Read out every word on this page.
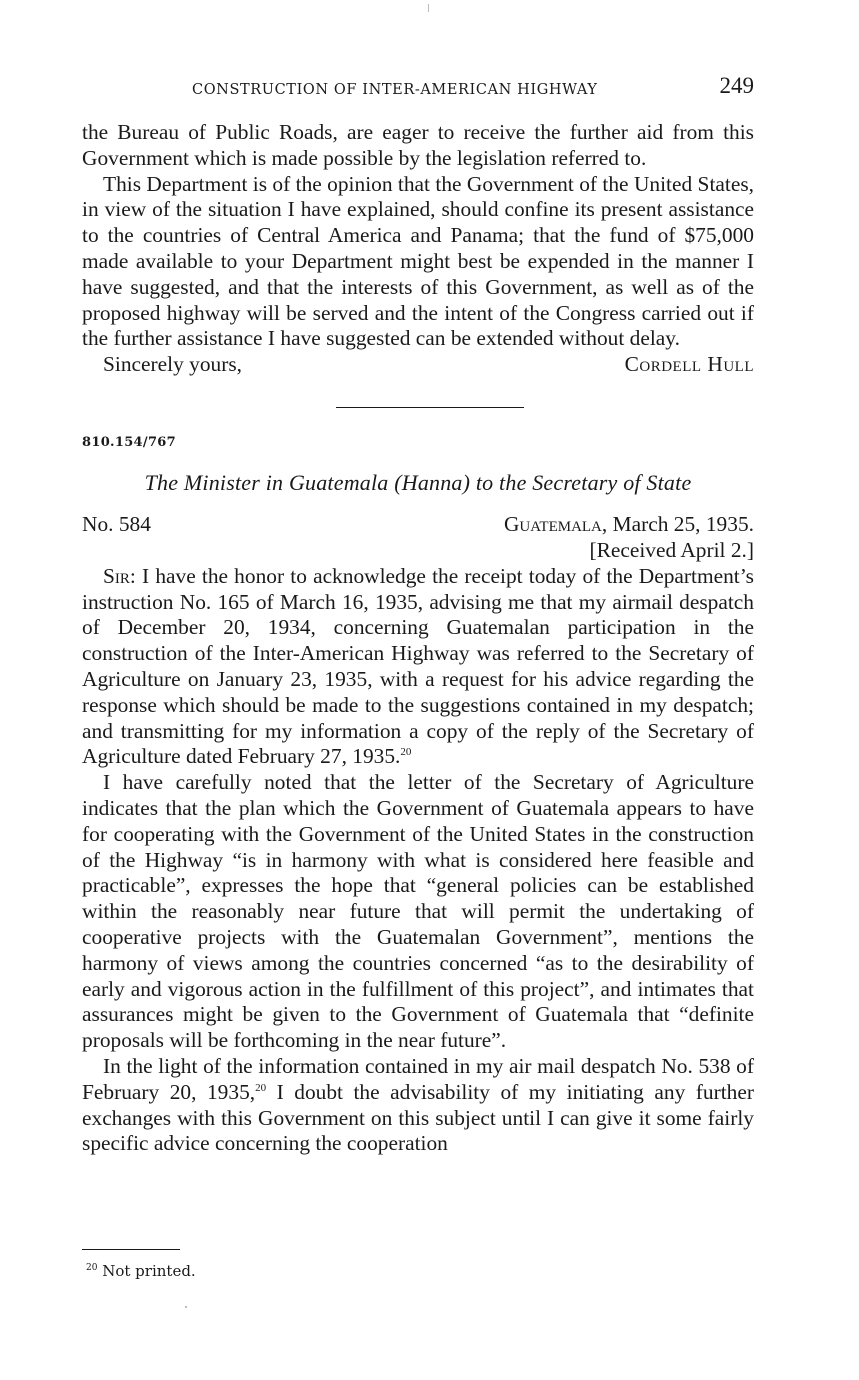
CONSTRUCTION OF INTER-AMERICAN HIGHWAY	249

the Bureau of Public Roads, are eager to receive the further aid from this Government which is made possible by the legislation referred to.

This Department is of the opinion that the Government of the United States, in view of the situation I have explained, should confine its present assistance to the countries of Central America and Panama; that the fund of $75,000 made available to your Department might best be expended in the manner I have suggested, and that the interests of this Government, as well as of the proposed highway will be served and the intent of the Congress carried out if the further assistance I have suggested can be extended without delay.

Sincerely yours,	Cordell Hull
810.154/767
The Minister in Guatemala (Hanna) to the Secretary of State
No. 584	Guatemala, March 25, 1935.
[Received April 2.]

Sir: I have the honor to acknowledge the receipt today of the Department’s instruction No. 165 of March 16, 1935, advising me that my airmail despatch of December 20, 1934, concerning Guatemalan participation in the construction of the Inter-American Highway was referred to the Secretary of Agriculture on January 23, 1935, with a request for his advice regarding the response which should be made to the suggestions contained in my despatch; and transmitting for my information a copy of the reply of the Secretary of Agriculture dated February 27, 1935.20

I have carefully noted that the letter of the Secretary of Agriculture indicates that the plan which the Government of Guatemala appears to have for cooperating with the Government of the United States in the construction of the Highway “is in harmony with what is considered here feasible and practicable”, expresses the hope that “general policies can be established within the reasonably near future that will permit the undertaking of cooperative projects with the Guatemalan Government”, mentions the harmony of views among the countries concerned “as to the desirability of early and vigorous action in the fulfillment of this project”, and intimates that assurances might be given to the Government of Guatemala that “definite proposals will be forthcoming in the near future”.

In the light of the information contained in my air mail despatch No. 538 of February 20, 1935,20 I doubt the advisability of my initiating any further exchanges with this Government on this subject until I can give it some fairly specific advice concerning the cooperation

$^{20}$ Not printed.
